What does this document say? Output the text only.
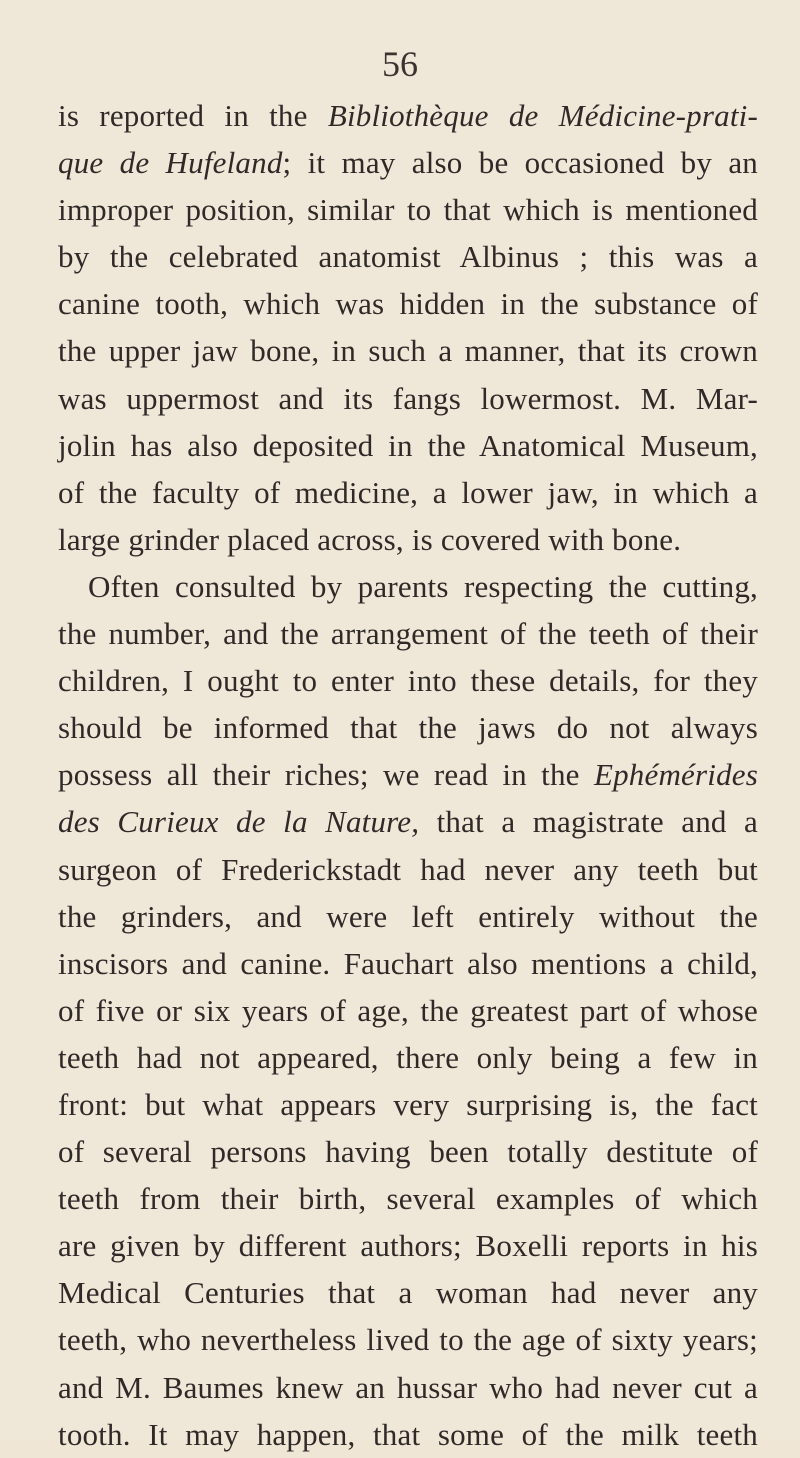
56
is reported in the Bibliothèque de Médicine-prati-
que de Hufeland; it may also be occasioned by an
improper position, similar to that which is mentioned
by the celebrated anatomist Albinus ; this was a
canine tooth, which was hidden in the substance of
the upper jaw bone, in such a manner, that its crown
was uppermost and its fangs lowermost. M. Mar-
jolin has also deposited in the Anatomical Museum,
of the faculty of medicine, a lower jaw, in which a
large grinder placed across, is covered with bone.
Often consulted by parents respecting the cutting,
the number, and the arrangement of the teeth of their
children, I ought to enter into these details, for they
should be informed that the jaws do not always
possess all their riches; we read in the Ephémérides
des Curieux de la Nature, that a magistrate and a
surgeon of Frederickstadt had never any teeth but
the grinders, and were left entirely without the
inscisors and canine. Fauchart also mentions a child,
of five or six years of age, the greatest part of whose
teeth had not appeared, there only being a few in
front: but what appears very surprising is, the fact
of several persons having been totally destitute of
teeth from their birth, several examples of which
are given by different authors; Boxelli reports in his
Medical Centuries that a woman had never any
teeth, who nevertheless lived to the age of sixty years;
and M. Baumes knew an hussar who had never cut a
tooth. It may happen, that some of the milk teeth
